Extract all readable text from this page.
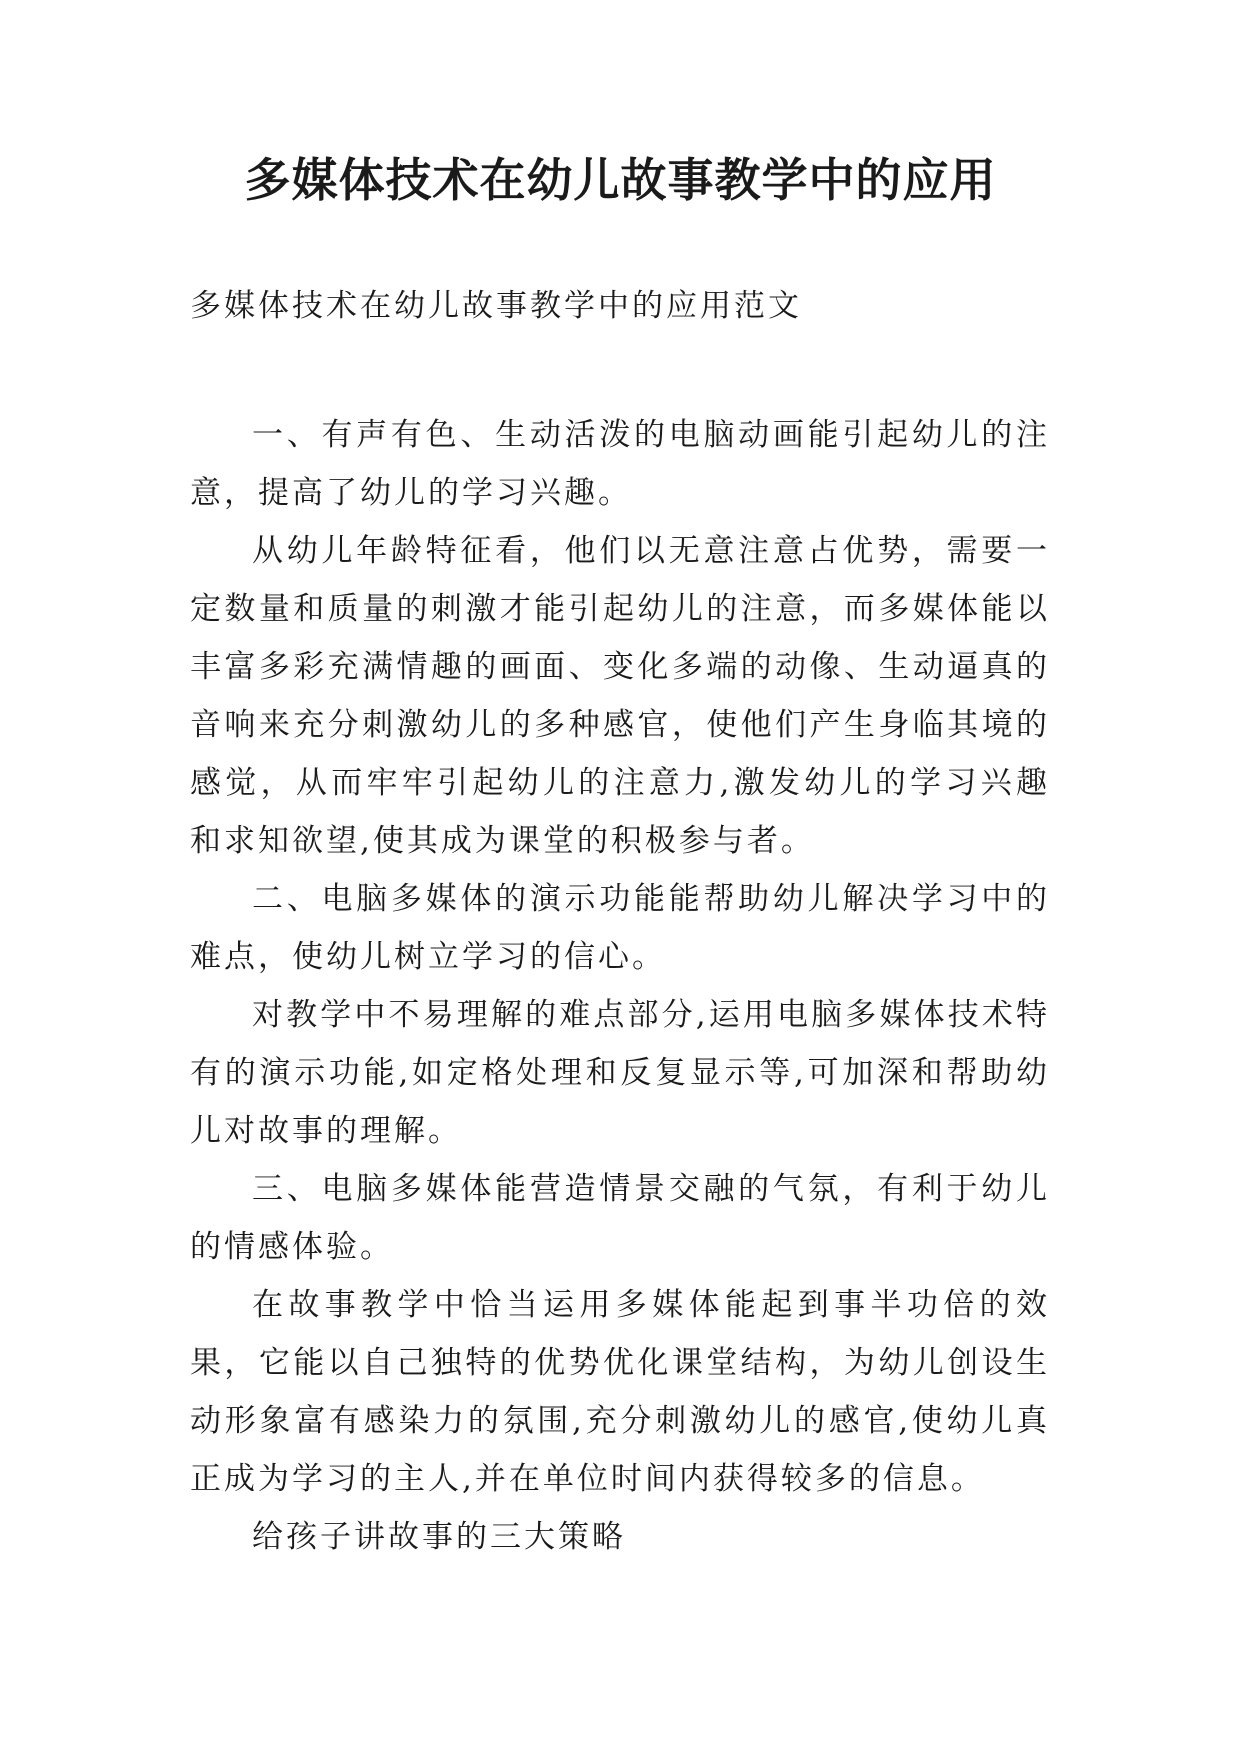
多媒体技术在幼儿故事教学中的应用

多媒体技术在幼儿故事教学中的应用范文

一、有声有色、生动活泼的电脑动画能引起幼儿的注意，提高了幼儿的学习兴趣。

从幼儿年龄特征看，他们以无意注意占优势，需要一定数量和质量的刺激才能引起幼儿的注意，而多媒体能以丰富多彩充满情趣的画面、变化多端的动像、生动逼真的音响来充分刺激幼儿的多种感官，使他们产生身临其境的感觉，从而牢牢引起幼儿的注意力,激发幼儿的学习兴趣和求知欲望,使其成为课堂的积极参与者。

二、电脑多媒体的演示功能能帮助幼儿解决学习中的难点，使幼儿树立学习的信心。

对教学中不易理解的难点部分,运用电脑多媒体技术特有的演示功能,如定格处理和反复显示等,可加深和帮助幼儿对故事的理解。

三、电脑多媒体能营造情景交融的气氛，有利于幼儿的情感体验。

在故事教学中恰当运用多媒体能起到事半功倍的效果，它能以自己独特的优势优化课堂结构，为幼儿创设生动形象富有感染力的氛围,充分刺激幼儿的感官,使幼儿真正成为学习的主人,并在单位时间内获得较多的信息。

给孩子讲故事的三大策略
